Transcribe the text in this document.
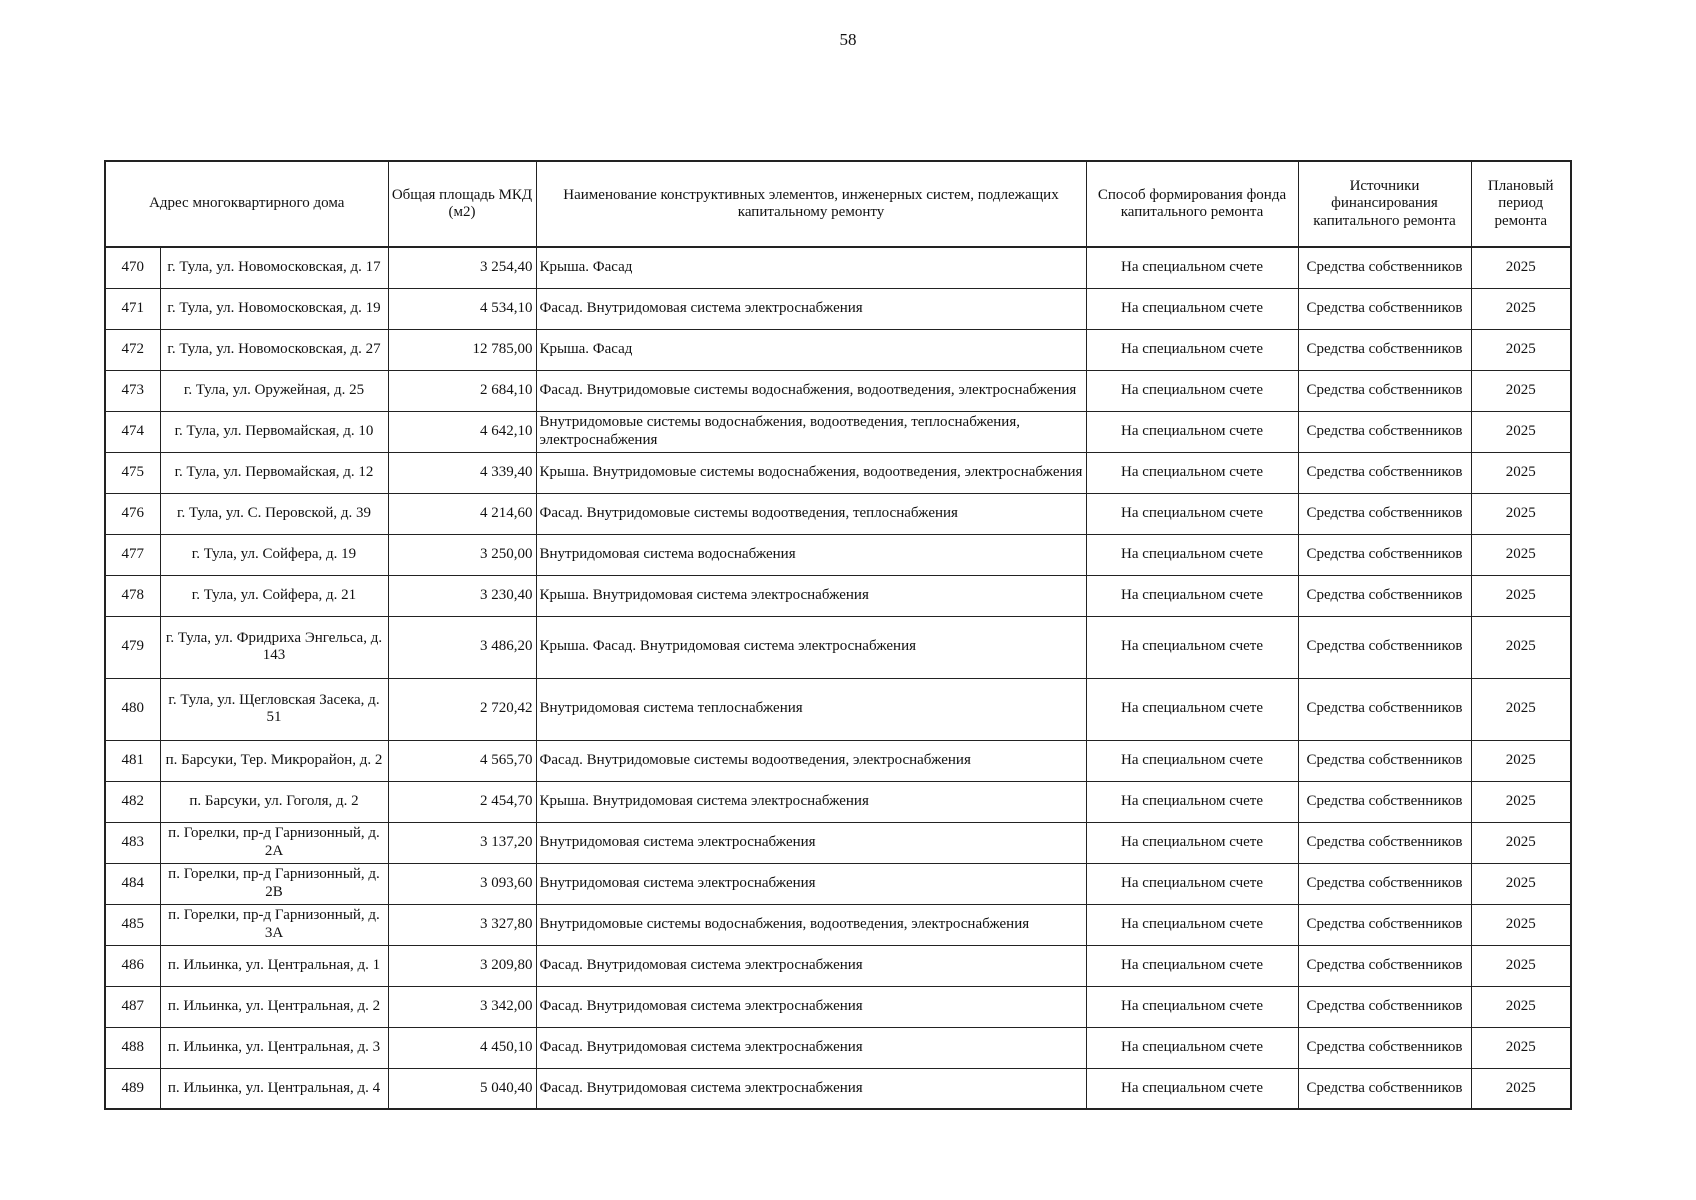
58
Адрес многоквартирного дома		Общая площадь МКД (м2)	Наименование конструктивных элементов, инженерных систем, подлежащих капитальному ремонту	Способ формирования фонда капитального ремонта	Источники финансирования капитального ремонта	Плановый период ремонта
470	г. Тула, ул. Новомосковская, д. 17	3 254,40	Крыша. Фасад	На специальном счете	Средства собственников	2025
471	г. Тула, ул. Новомосковская, д. 19	4 534,10	Фасад. Внутридомовая система электроснабжения	На специальном счете	Средства собственников	2025
472	г. Тула, ул. Новомосковская, д. 27	12 785,00	Крыша. Фасад	На специальном счете	Средства собственников	2025
473	г. Тула, ул. Оружейная, д. 25	2 684,10	Фасад. Внутридомовые системы водоснабжения, водоотведения, электроснабжения	На специальном счете	Средства собственников	2025
474	г. Тула, ул. Первомайская, д. 10	4 642,10	Внутридомовые системы водоснабжения, водоотведения, теплоснабжения, электроснабжения	На специальном счете	Средства собственников	2025
475	г. Тула, ул. Первомайская, д. 12	4 339,40	Крыша. Внутридомовые системы водоснабжения, водоотведения, электроснабжения	На специальном счете	Средства собственников	2025
476	г. Тула, ул. С. Перовской, д. 39	4 214,60	Фасад. Внутридомовые системы водоотведения, теплоснабжения	На специальном счете	Средства собственников	2025
477	г. Тула, ул. Сойфера, д. 19	3 250,00	Внутридомовая система водоснабжения	На специальном счете	Средства собственников	2025
478	г. Тула, ул. Сойфера, д. 21	3 230,40	Крыша. Внутридомовая система электроснабжения	На специальном счете	Средства собственников	2025
479	г. Тула, ул. Фридриха Энгельса, д. 143	3 486,20	Крыша. Фасад. Внутридомовая система электроснабжения	На специальном счете	Средства собственников	2025
480	г. Тула, ул. Щегловская Засека, д. 51	2 720,42	Внутридомовая система теплоснабжения	На специальном счете	Средства собственников	2025
481	п. Барсуки, Тер. Микрорайон, д. 2	4 565,70	Фасад. Внутридомовые системы водоотведения, электроснабжения	На специальном счете	Средства собственников	2025
482	п. Барсуки, ул. Гоголя, д. 2	2 454,70	Крыша. Внутридомовая система электроснабжения	На специальном счете	Средства собственников	2025
483	п. Горелки, пр-д Гарнизонный, д. 2А	3 137,20	Внутридомовая система электроснабжения	На специальном счете	Средства собственников	2025
484	п. Горелки, пр-д Гарнизонный, д. 2В	3 093,60	Внутридомовая система электроснабжения	На специальном счете	Средства собственников	2025
485	п. Горелки, пр-д Гарнизонный, д. 3А	3 327,80	Внутридомовые системы водоснабжения, водоотведения, электроснабжения	На специальном счете	Средства собственников	2025
486	п. Ильинка, ул. Центральная, д. 1	3 209,80	Фасад. Внутридомовая система электроснабжения	На специальном счете	Средства собственников	2025
487	п. Ильинка, ул. Центральная, д. 2	3 342,00	Фасад. Внутридомовая система электроснабжения	На специальном счете	Средства собственников	2025
488	п. Ильинка, ул. Центральная, д. 3	4 450,10	Фасад. Внутридомовая система электроснабжения	На специальном счете	Средства собственников	2025
489	п. Ильинка, ул. Центральная, д. 4	5 040,40	Фасад. Внутридомовая система электроснабжения	На специальном счете	Средства собственников	2025
